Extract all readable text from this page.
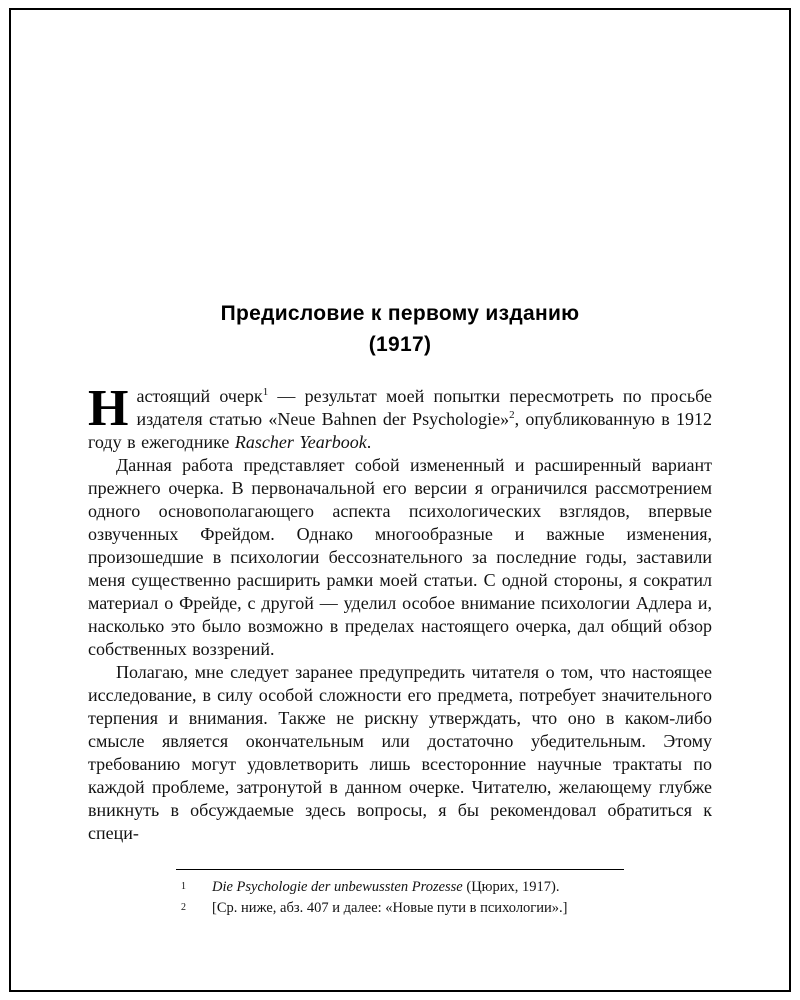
Предисловие к первому изданию
(1917)

Настоящий очерк$^1$ — результат моей попытки пересмотреть по просьбе издателя статью «Neue Bahnen der Psychologie»$^2$, опубликованную в 1912 году в ежегоднике Rascher Yearbook.

Данная работа представляет собой измененный и расширенный вариант прежнего очерка. В первоначальной его версии я ограничился рассмотрением одного основополагающего аспекта психологических взглядов, впервые озвученных Фрейдом. Однако многообразные и важные изменения, произошедшие в психологии бессознательного за последние годы, заставили меня существенно расширить рамки моей статьи. С одной стороны, я сократил материал о Фрейде, с другой — уделил особое внимание психологии Адлера и, насколько это было возможно в пределах настоящего очерка, дал общий обзор собственных воззрений.

Полагаю, мне следует заранее предупредить читателя о том, что настоящее исследование, в силу особой сложности его предмета, потребует значительного терпения и внимания. Также не рискну утверждать, что оно в каком-либо смысле является окончательным или достаточно убедительным. Этому требованию могут удовлетворить лишь всесторонние научные трактаты по каждой проблеме, затронутой в данном очерке. Читателю, желающему глубже вникнуть в обсуждаемые здесь вопросы, я бы рекомендовал обратиться к специ-

1 Die Psychologie der unbewussten Prozesse (Цюрих, 1917).

2 [Ср. ниже, абз. 407 и далее: «Новые пути в психологии».]
